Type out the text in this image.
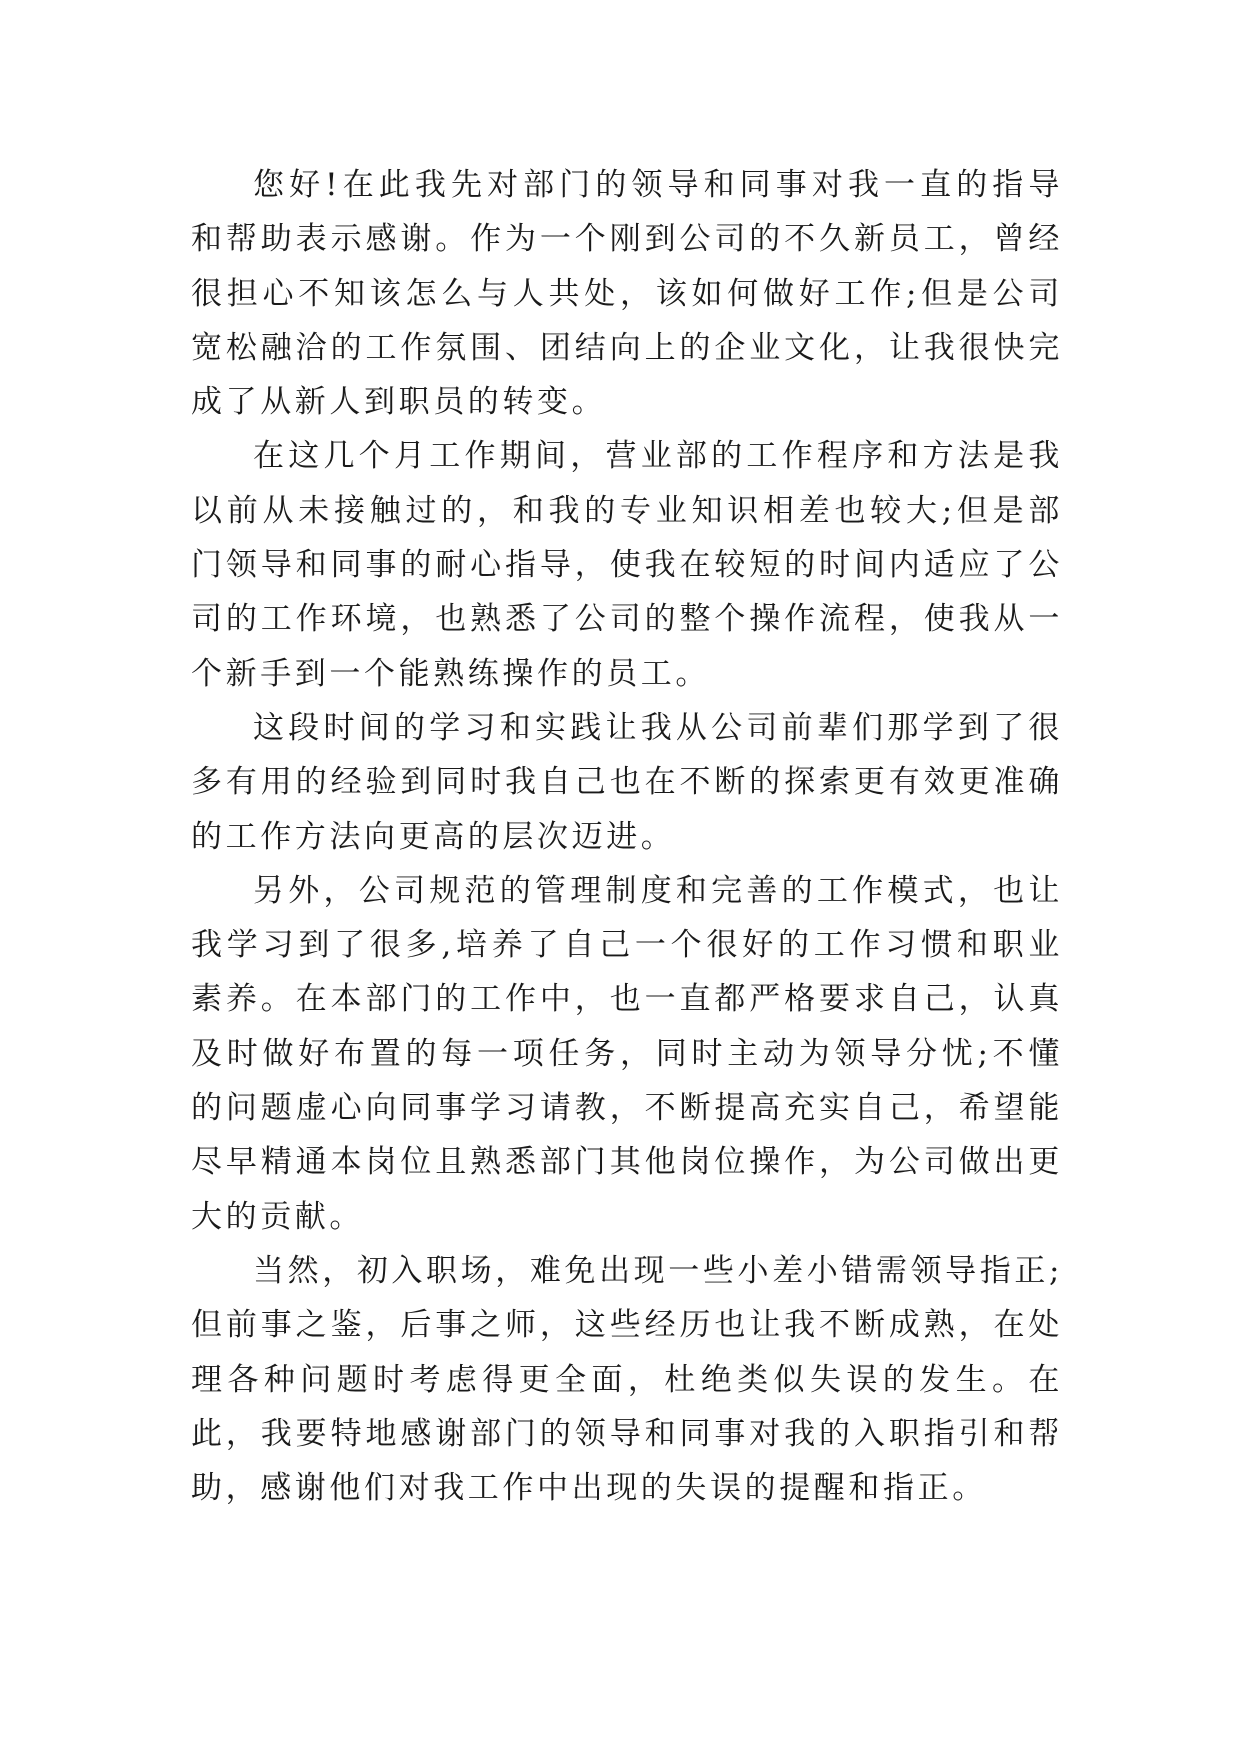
您好!在此我先对部门的领导和同事对我一直的指导和帮助表示感谢。作为一个刚到公司的不久新员工，曾经很担心不知该怎么与人共处，该如何做好工作;但是公司宽松融洽的工作氛围、团结向上的企业文化，让我很快完成了从新人到职员的转变。

在这几个月工作期间，营业部的工作程序和方法是我以前从未接触过的，和我的专业知识相差也较大;但是部门领导和同事的耐心指导，使我在较短的时间内适应了公司的工作环境，也熟悉了公司的整个操作流程，使我从一个新手到一个能熟练操作的员工。

这段时间的学习和实践让我从公司前辈们那学到了很多有用的经验到同时我自己也在不断的探索更有效更准确的工作方法向更高的层次迈进。

另外，公司规范的管理制度和完善的工作模式，也让我学习到了很多,培养了自己一个很好的工作习惯和职业素养。在本部门的工作中，也一直都严格要求自己，认真及时做好布置的每一项任务，同时主动为领导分忧;不懂的问题虚心向同事学习请教，不断提高充实自己，希望能尽早精通本岗位且熟悉部门其他岗位操作，为公司做出更大的贡献。

当然，初入职场，难免出现一些小差小错需领导指正;但前事之鉴，后事之师，这些经历也让我不断成熟，在处理各种问题时考虑得更全面，杜绝类似失误的发生。在此，我要特地感谢部门的领导和同事对我的入职指引和帮助，感谢他们对我工作中出现的失误的提醒和指正。
